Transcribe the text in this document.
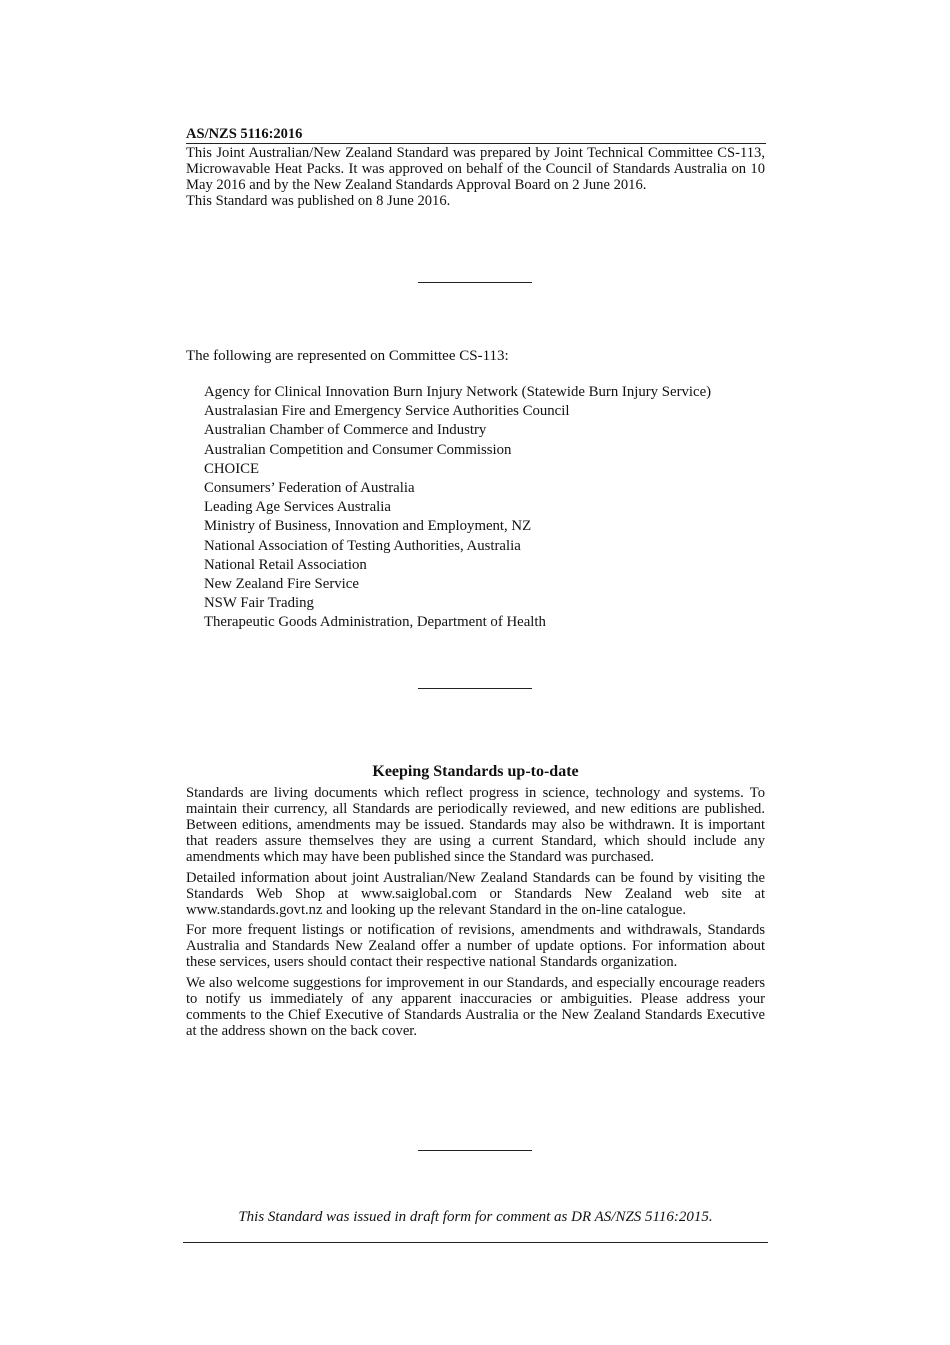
AS/NZS 5116:2016

This Joint Australian/New Zealand Standard was prepared by Joint Technical Committee CS-113, Microwavable Heat Packs. It was approved on behalf of the Council of Standards Australia on 10 May 2016 and by the New Zealand Standards Approval Board on 2 June 2016.

This Standard was published on 8 June 2016.

The following are represented on Committee CS-113:
Agency for Clinical Innovation Burn Injury Network (Statewide Burn Injury Service)
Australasian Fire and Emergency Service Authorities Council
Australian Chamber of Commerce and Industry
Australian Competition and Consumer Commission
CHOICE
Consumers’ Federation of Australia
Leading Age Services Australia
Ministry of Business, Innovation and Employment, NZ
National Association of Testing Authorities, Australia
National Retail Association
New Zealand Fire Service
NSW Fair Trading
Therapeutic Goods Administration, Department of Health
Keeping Standards up-to-date

Standards are living documents which reflect progress in science, technology and systems. To maintain their currency, all Standards are periodically reviewed, and new editions are published. Between editions, amendments may be issued. Standards may also be withdrawn. It is important that readers assure themselves they are using a current Standard, which should include any amendments which may have been published since the Standard was purchased.

Detailed information about joint Australian/New Zealand Standards can be found by visiting the Standards Web Shop at www.saiglobal.com or Standards New Zealand web site at www.standards.govt.nz and looking up the relevant Standard in the on-line catalogue.

For more frequent listings or notification of revisions, amendments and withdrawals, Standards Australia and Standards New Zealand offer a number of update options. For information about these services, users should contact their respective national Standards organization.

We also welcome suggestions for improvement in our Standards, and especially encourage readers to notify us immediately of any apparent inaccuracies or ambiguities. Please address your comments to the Chief Executive of Standards Australia or the New Zealand Standards Executive at the address shown on the back cover.

This Standard was issued in draft form for comment as DR AS/NZS 5116:2015.
